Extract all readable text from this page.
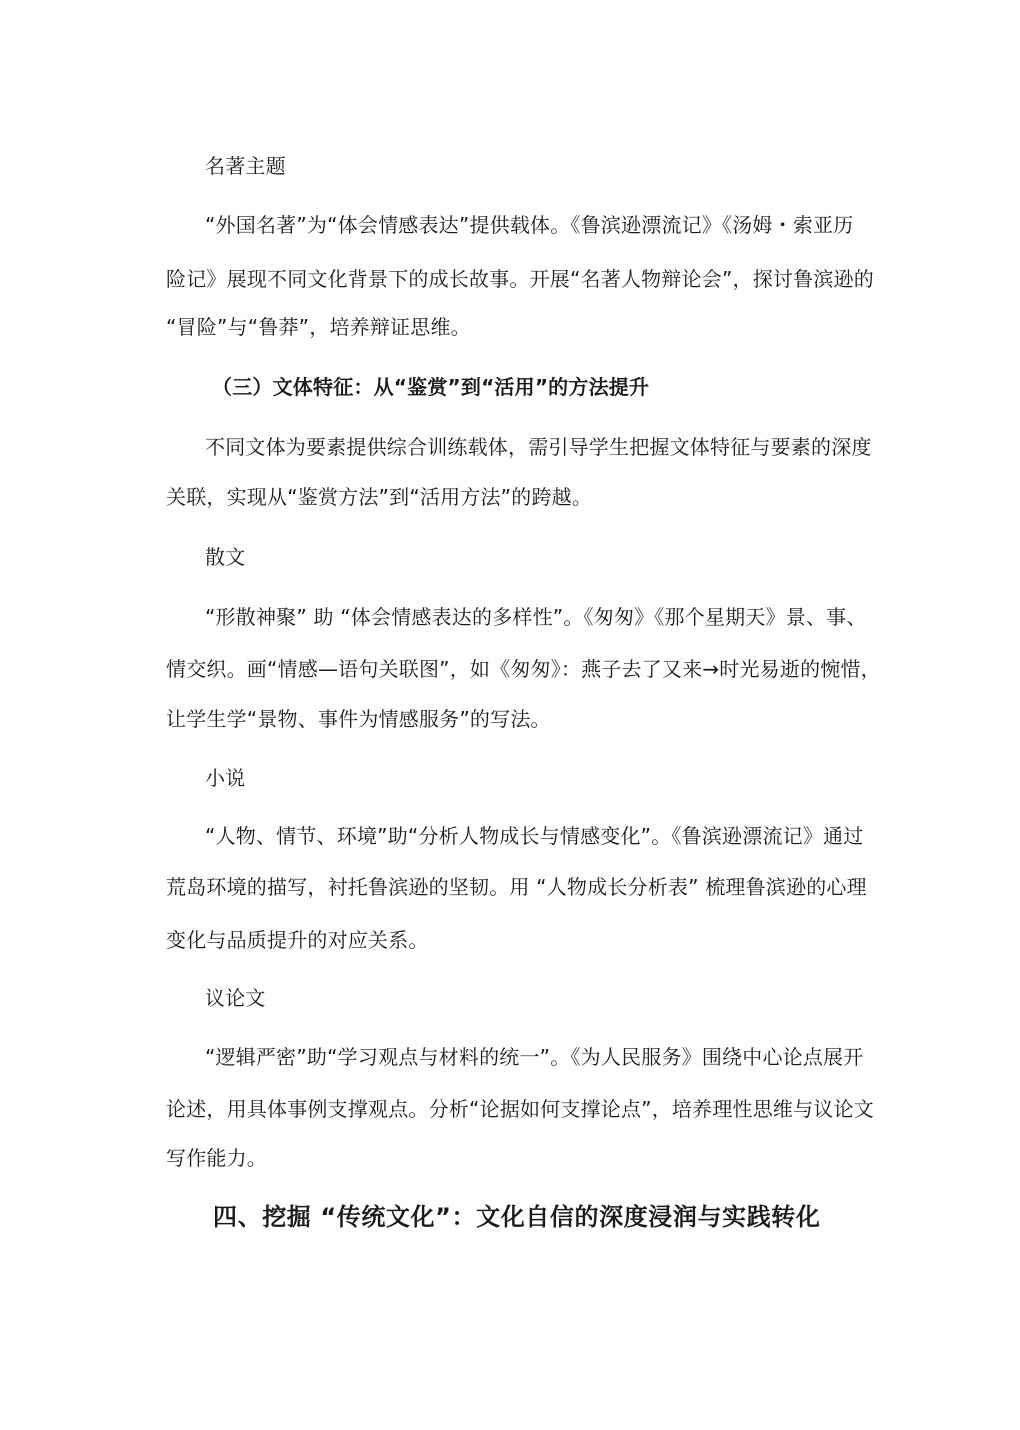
名著主题
“外国名著”为“体会情感表达”提供载体。《鲁滨逊漂流记》《汤姆・索亚历
险记》展现不同文化背景下的成长故事。开展“名著人物辩论会”，探讨鲁滨逊的
“冒险”与“鲁莽”，培养辩证思维。
（三）文体特征：从“鉴赏”到“活用”的方法提升
不同文体为要素提供综合训练载体，需引导学生把握文体特征与要素的深度
关联，实现从“鉴赏方法”到“活用方法”的跨越。
散文
“形散神聚” 助 “体会情感表达的多样性”。《匆匆》《那个星期天》景、事、
情交织。画“情感—语句关联图”，如《匆匆》：燕子去了又来→时光易逝的惋惜，
让学生学“景物、事件为情感服务”的写法。
小说
“人物、情节、环境”助“分析人物成长与情感变化”。《鲁滨逊漂流记》通过
荒岛环境的描写，衬托鲁滨逊的坚韧。用 “人物成长分析表” 梳理鲁滨逊的心理
变化与品质提升的对应关系。
议论文
“逻辑严密”助“学习观点与材料的统一”。《为人民服务》围绕中心论点展开
论述，用具体事例支撑观点。分析“论据如何支撑论点”，培养理性思维与议论文
写作能力。
四、挖掘 “传统文化”：文化自信的深度浸润与实践转化
